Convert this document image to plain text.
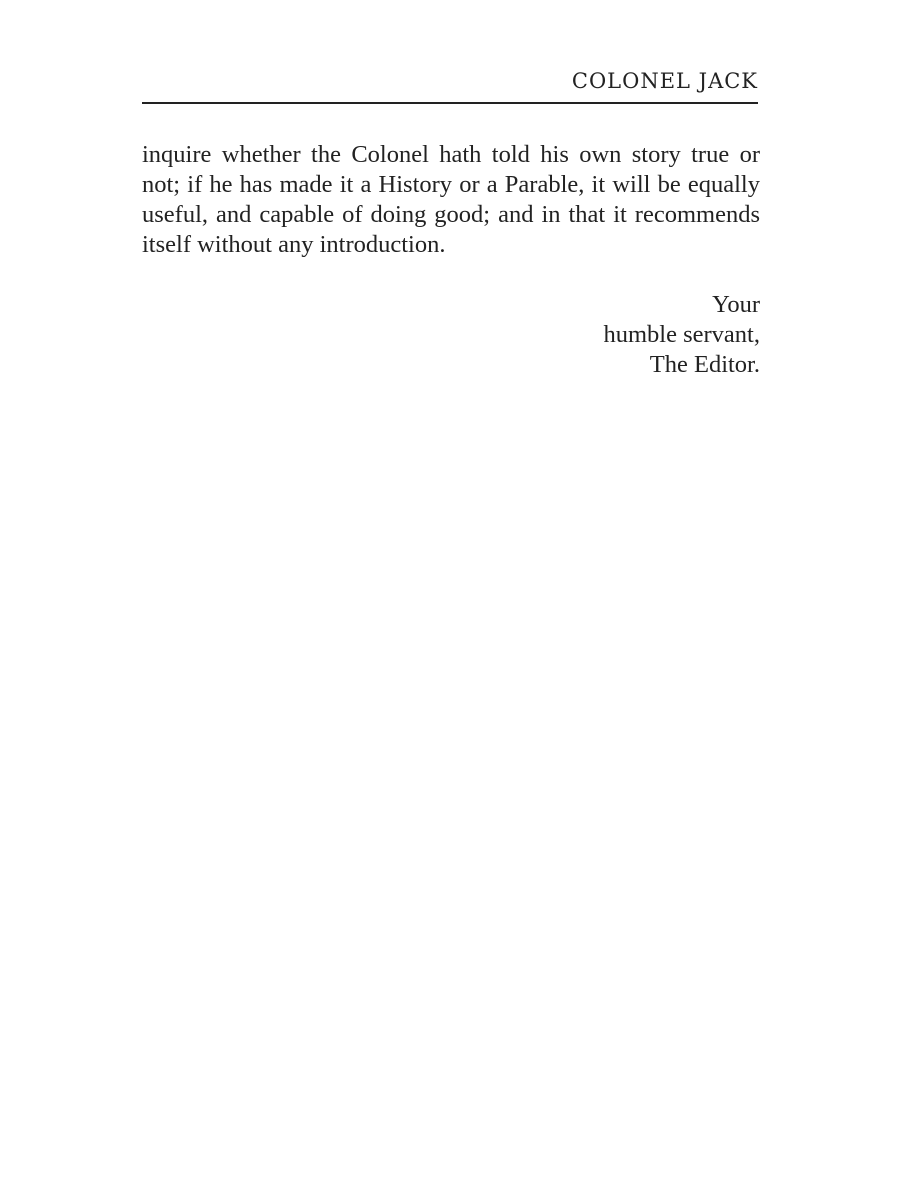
COLONEL JACK
inquire whether the Colonel hath told his own story true or
not; if he has made it a History or a Parable, it will be equally
useful, and capable of doing good; and in that it recommends
itself without any introduction.
Your
humble servant,
The Editor.
